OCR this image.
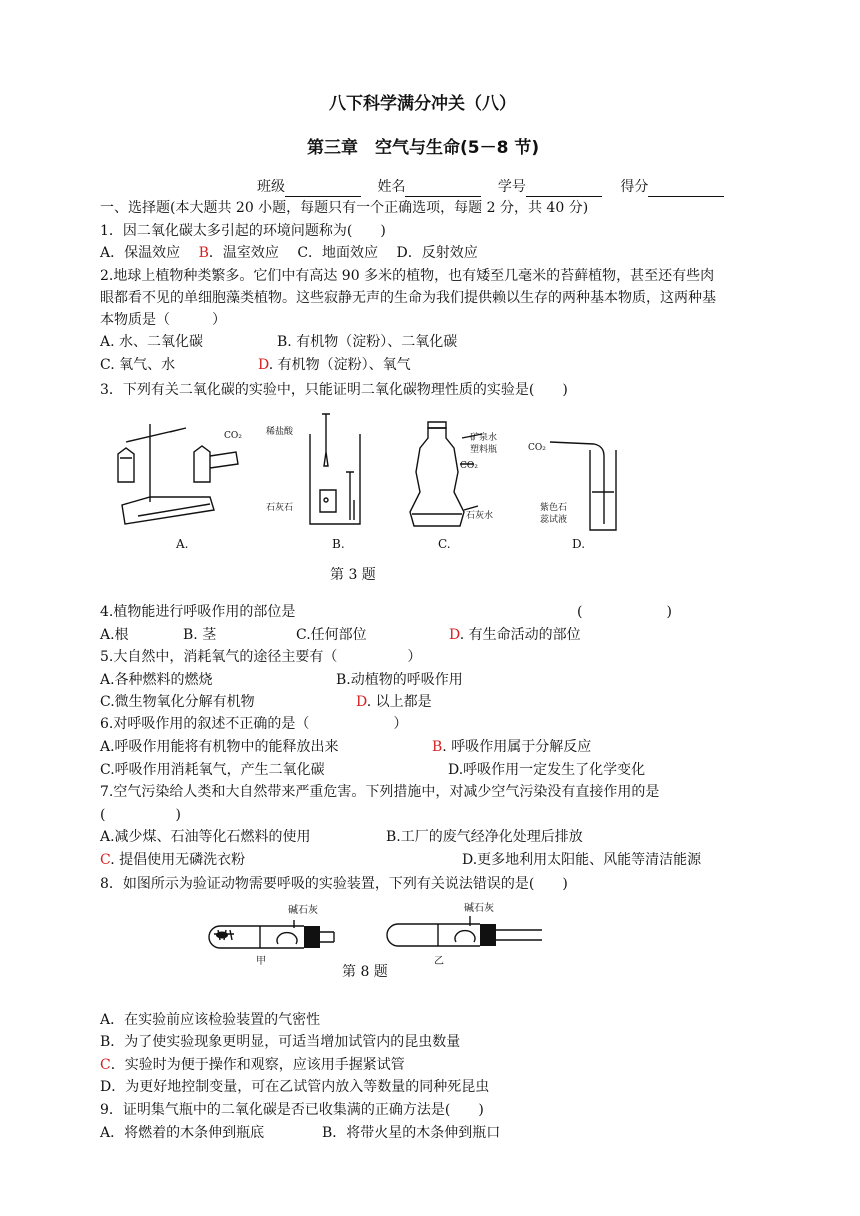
八下科学满分冲关（八）
第三章　空气与生命(5－8 节)
班级	姓名	学号	得分
一、选择题(本大题共 20 小题，每题只有一个正确选项，每题 2 分，共 40 分)
1．因二氧化碳太多引起的环境问题称为(　　)
A．保温效应 B．温室效应 C．地面效应 D．反射效应
2.地球上植物种类繁多。它们中有高达 90 多米的植物，也有矮至几毫米的苔藓植物，甚至还有些肉
眼都看不见的单细胞藻类植物。这些寂静无声的生命为我们提供赖以生存的两种基本物质，这两种基
本物质是（　　　）
A. 水、二氧化碳	B. 有机物（淀粉）、二氧化碳
C. 氧气、水	D. 有机物（淀粉）、氧气
3．下列有关二氧化碳的实验中，只能证明二氧化碳物理性质的实验是(　　)
CO₂	稀盐酸
石灰石
矿泉水
塑料瓶
CO₂
石灰水
CO₂
紫色石
蕊试液
A.	B.	C.	D.
第 3 题
4.植物能进行呼吸作用的部位是	(　　　　　　)
A.根	B. 茎	C.任何部位	D. 有生命活动的部位
5.大自然中，消耗氧气的途径主要有（　　　　　）
A.各种燃料的燃烧	B.动植物的呼吸作用
C.微生物氧化分解有机物	D. 以上都是
6.对呼吸作用的叙述不正确的是（　　　　　　）
A.呼吸作用能将有机物中的能释放出来	B. 呼吸作用属于分解反应
C.呼吸作用消耗氧气，产生二氧化碳	D.呼吸作用一定发生了化学变化
7.空气污染给人类和大自然带来严重危害。下列措施中，对减少空气污染没有直接作用的是
(　　　　　)
A.减少煤、石油等化石燃料的使用	B.工厂的废气经净化处理后排放
C. 提倡使用无磷洗衣粉	D.更多地利用太阳能、风能等清洁能源
8．如图所示为验证动物需要呼吸的实验装置，下列有关说法错误的是(　　)
碱石灰	碱石灰
甲	乙
第 8 题
A．在实验前应该检验装置的气密性
B．为了使实验现象更明显，可适当增加试管内的昆虫数量
C．实验时为便于操作和观察，应该用手握紧试管
D．为更好地控制变量，可在乙试管内放入等数量的同种死昆虫
9．证明集气瓶中的二氧化碳是否已收集满的正确方法是(　　)
A．将燃着的木条伸到瓶底	B．将带火星的木条伸到瓶口
